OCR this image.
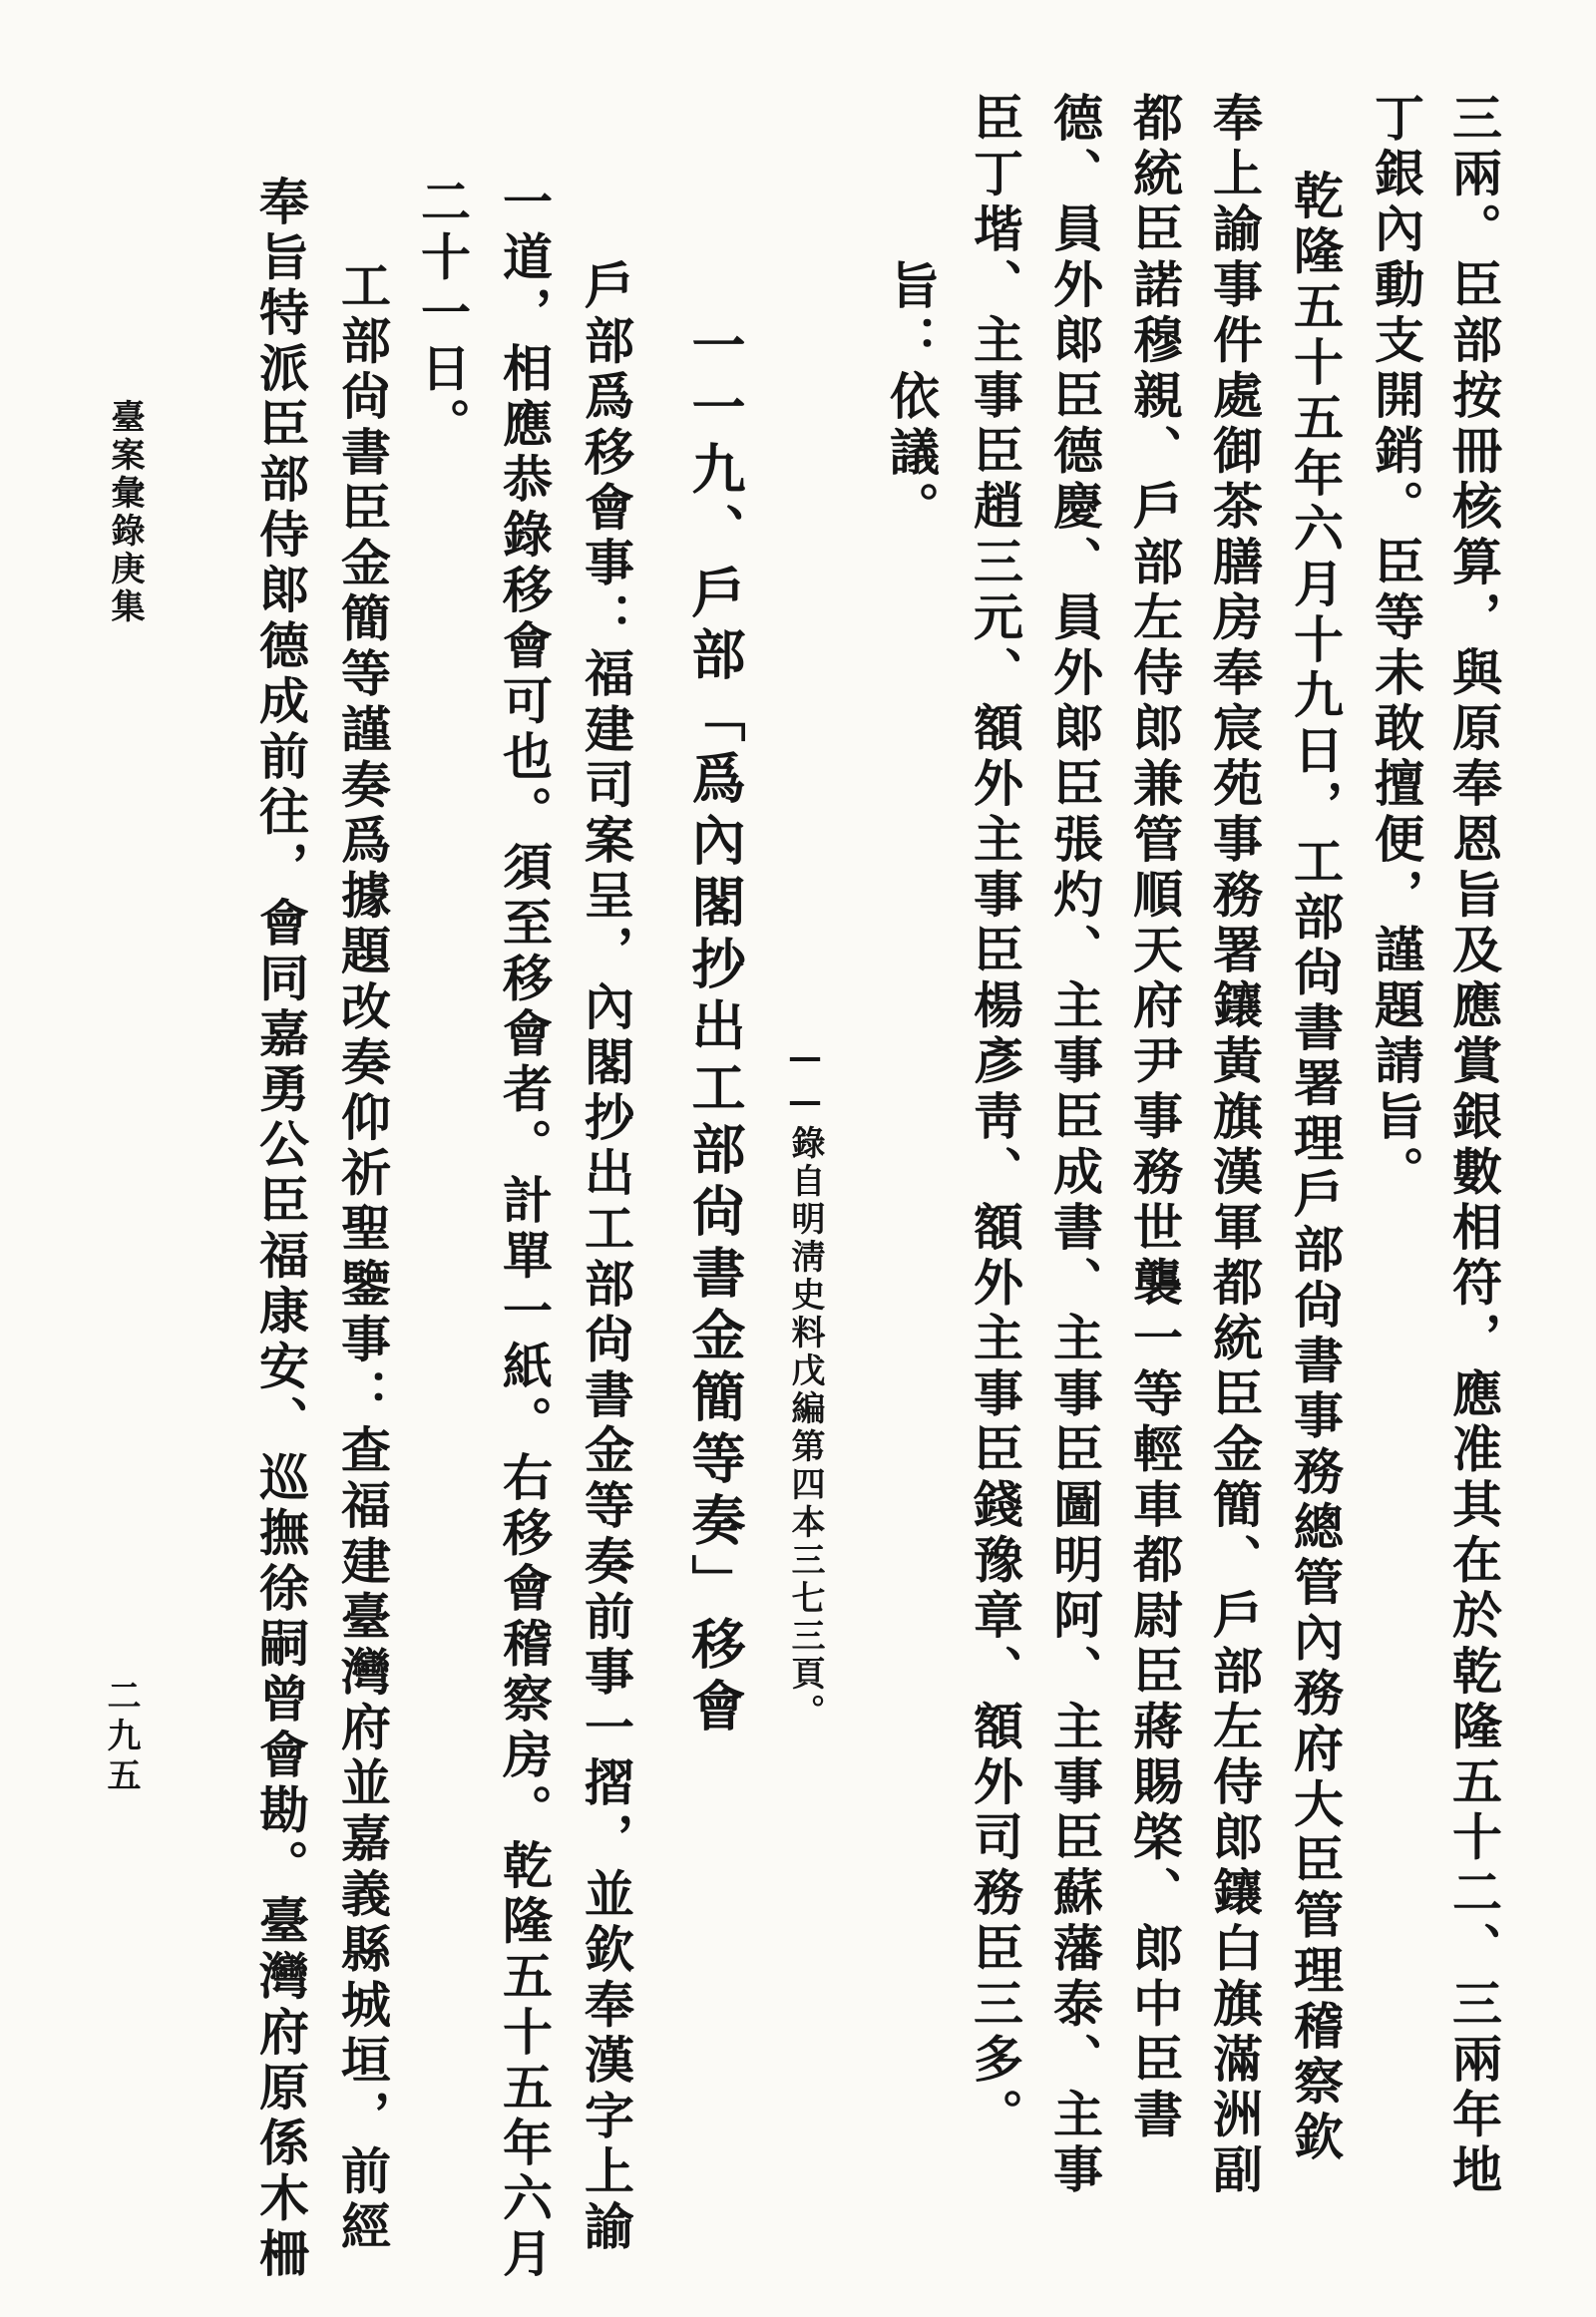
三兩。臣部按冊核算，與原奉恩旨及應賞銀數相符，應准其在於乾隆五十二、三兩年地
丁銀內動支開銷。臣等未敢擅便，謹題請旨。
乾隆五十五年六月十九日，工部尙書署理戶部尙書事務總管內務府大臣管理稽察欽
奉上諭事件處御茶膳房奉宸苑事務署鑲黃旗漢軍都統臣金簡、戶部左侍郎鑲白旗滿洲副
都統臣諾穆親、戶部左侍郎兼管順天府尹事務世襲一等輕車都尉臣蔣賜棨、郎中臣書
德、員外郞臣德慶、員外郞臣張灼、主事臣成書、主事臣圖明阿、主事臣蘇藩泰、主事
臣丁堦、主事臣趙三元、額外主事臣楊彥靑、額外主事臣錢豫章、額外司務臣三多。
旨：依議。
——錄自明淸史料戊編第四本三七三頁。
一一九、戶部「爲內閣抄出工部尙書金簡等奏」移會
戶部爲移會事：福建司案呈，內閣抄出工部尙書金等奏前事一摺，並欽奉漢字上諭
一道，相應恭錄移會可也。須至移會者。計單一紙。右移會稽察房。乾隆五十五年六月
二十一日。
工部尙書臣金簡等謹奏爲據題改奏仰祈聖鑒事：查福建臺灣府並嘉義縣城垣，前經
奉旨特派臣部侍郞德成前往，會同嘉勇公臣福康安、巡撫徐嗣曾會勘。臺灣府原係木柵
臺案彙錄庚集
二九五
